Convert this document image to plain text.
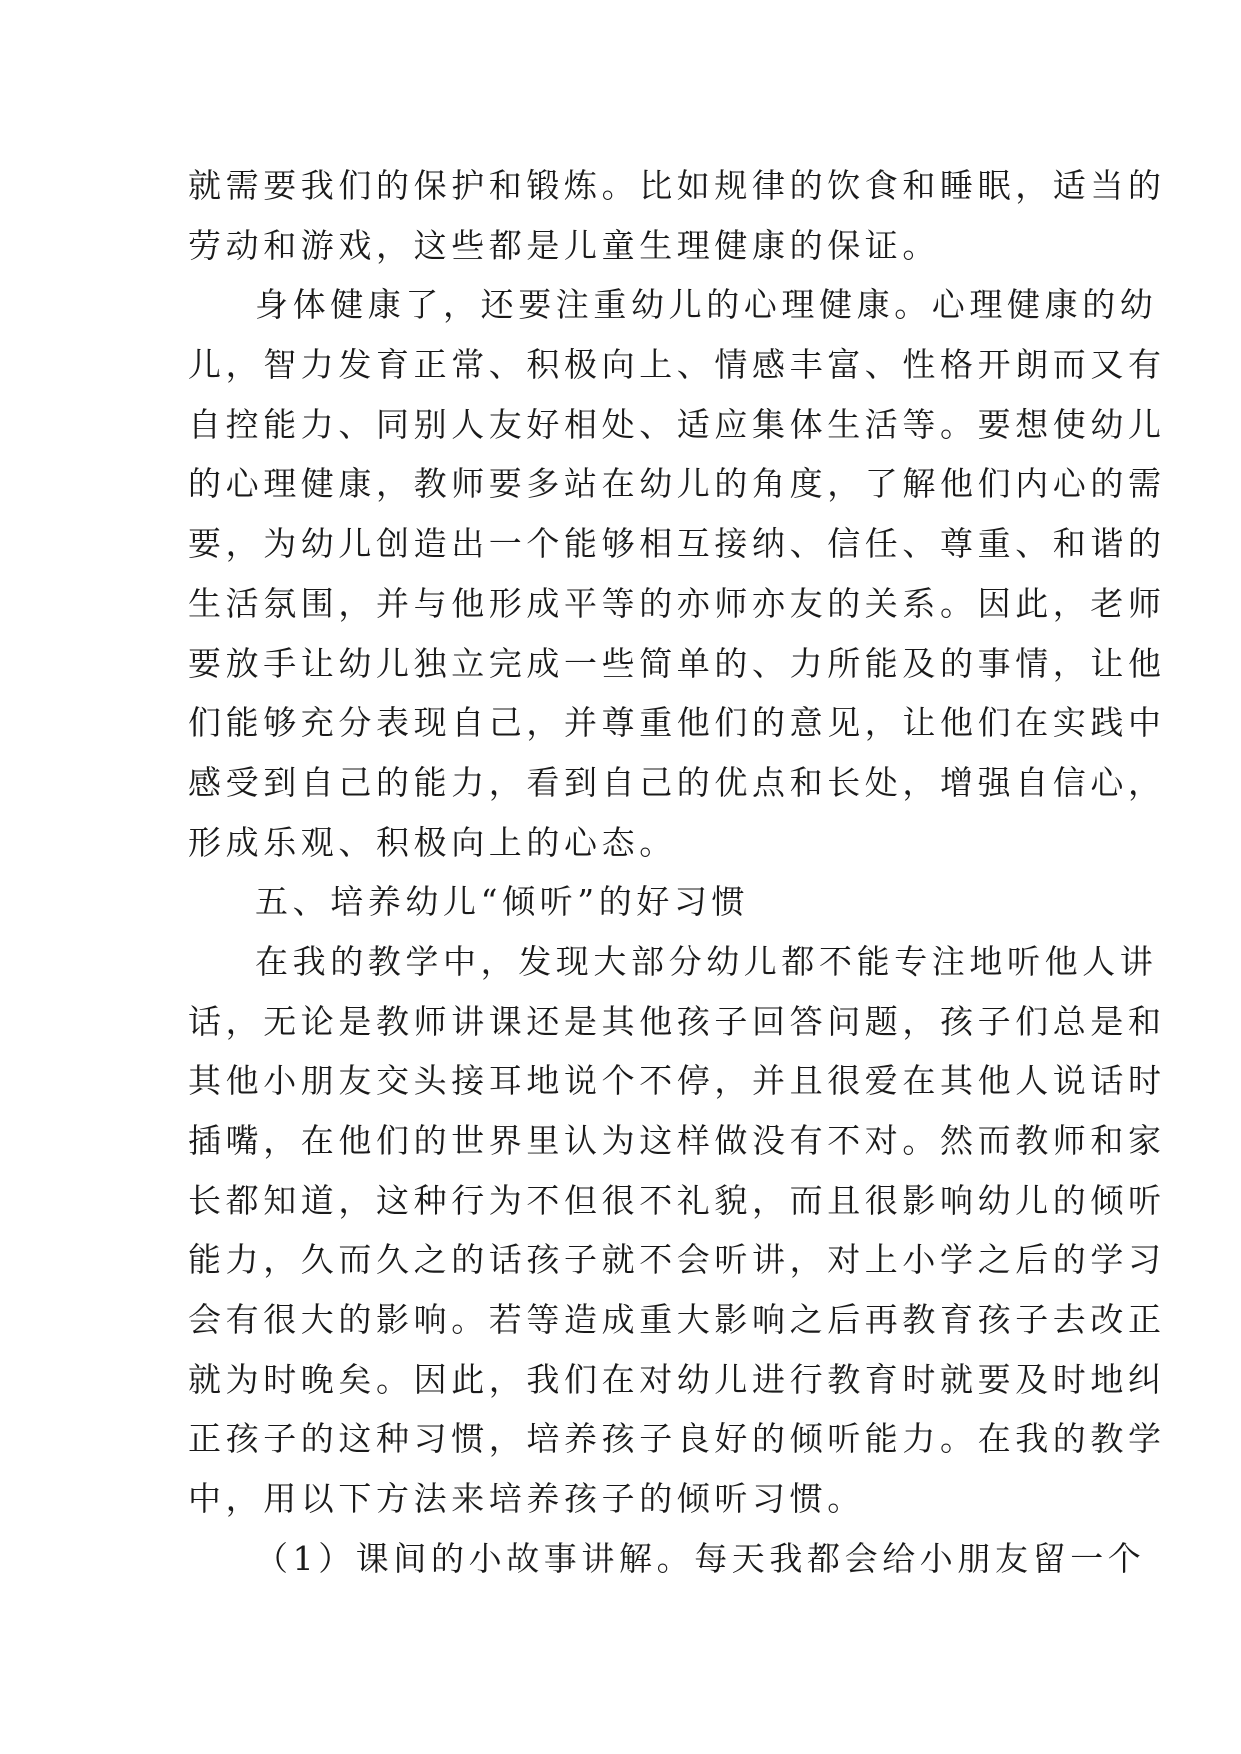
就需要我们的保护和锻炼。比如规律的饮食和睡眠，适当的
劳动和游戏，这些都是儿童生理健康的保证。
身体健康了，还要注重幼儿的心理健康。心理健康的幼
儿，智力发育正常、积极向上、情感丰富、性格开朗而又有
自控能力、同别人友好相处、适应集体生活等。要想使幼儿
的心理健康，教师要多站在幼儿的角度，了解他们内心的需
要，为幼儿创造出一个能够相互接纳、信任、尊重、和谐的
生活氛围，并与他形成平等的亦师亦友的关系。因此，老师
要放手让幼儿独立完成一些简单的、力所能及的事情，让他
们能够充分表现自己，并尊重他们的意见，让他们在实践中
感受到自己的能力，看到自己的优点和长处，增强自信心，
形成乐观、积极向上的心态。
五、培养幼儿“倾听”的好习惯
在我的教学中，发现大部分幼儿都不能专注地听他人讲
话，无论是教师讲课还是其他孩子回答问题，孩子们总是和
其他小朋友交头接耳地说个不停，并且很爱在其他人说话时
插嘴，在他们的世界里认为这样做没有不对。然而教师和家
长都知道，这种行为不但很不礼貌，而且很影响幼儿的倾听
能力，久而久之的话孩子就不会听讲，对上小学之后的学习
会有很大的影响。若等造成重大影响之后再教育孩子去改正
就为时晚矣。因此，我们在对幼儿进行教育时就要及时地纠
正孩子的这种习惯，培养孩子良好的倾听能力。在我的教学
中，用以下方法来培养孩子的倾听习惯。
（1）课间的小故事讲解。每天我都会给小朋友留一个
